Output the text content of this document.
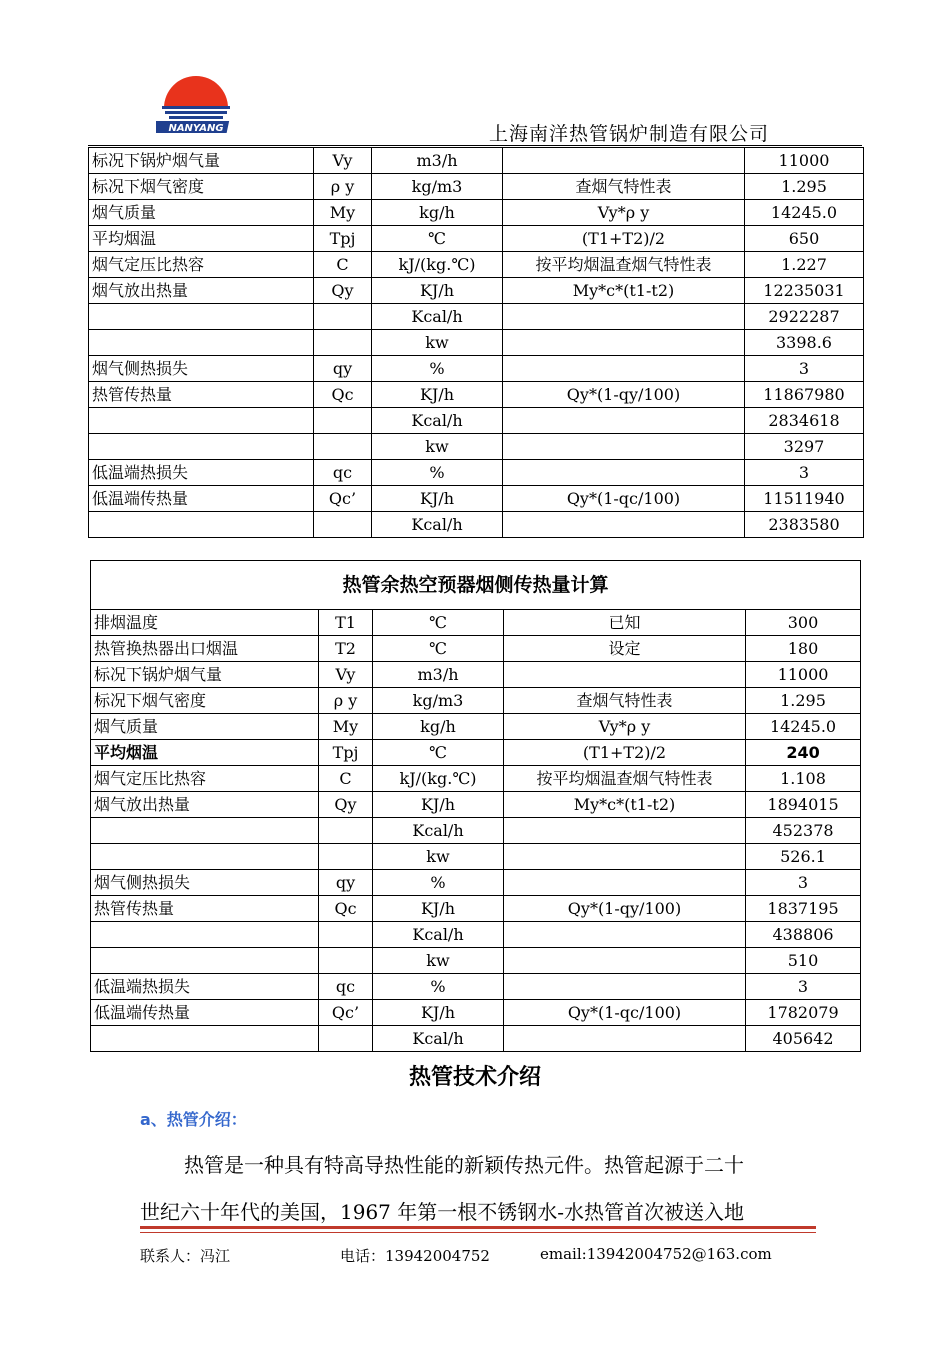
NANYANG	上海南洋热管锅炉制造有限公司
标况下锅炉烟气量	Vy	m3/h		11000
标况下烟气密度	ρ y	kg/m3	查烟气特性表	1.295
烟气质量	My	kg/h	Vy*ρ y	14245.0
平均烟温	Tpj	℃	(T1+T2)/2	650
烟气定压比热容	C	kJ/(kg.℃)	按平均烟温查烟气特性表	1.227
烟气放出热量	Qy	KJ/h	My*c*(t1-t2)	12235031
		Kcal/h		2922287
		kw		3398.6
烟气侧热损失	qy	%		3
热管传热量	Qc	KJ/h	Qy*(1-qy/100)	11867980
		Kcal/h		2834618
		kw		3297
低温端热损失	qc	%		3
低温端传热量	Qc’	KJ/h	Qy*(1-qc/100)	11511940
		Kcal/h		2383580
热管余热空预器烟侧传热量计算				
排烟温度	T1	℃	已知	300
热管换热器出口烟温	T2	℃	设定	180
标况下锅炉烟气量	Vy	m3/h		11000
标况下烟气密度	ρ y	kg/m3	查烟气特性表	1.295
烟气质量	My	kg/h	Vy*ρ y	14245.0
平均烟温	Tpj	℃	(T1+T2)/2	240
烟气定压比热容	C	kJ/(kg.℃)	按平均烟温查烟气特性表	1.108
烟气放出热量	Qy	KJ/h	My*c*(t1-t2)	1894015
		Kcal/h		452378
		kw		526.1
烟气侧热损失	qy	%		3
热管传热量	Qc	KJ/h	Qy*(1-qy/100)	1837195
		Kcal/h		438806
		kw		510
低温端热损失	qc	%		3
低温端传热量	Qc’	KJ/h	Qy*(1-qc/100)	1782079
		Kcal/h		405642
热管技术介绍
a、热管介绍：
热管是一种具有特高导热性能的新颖传热元件。热管起源于二十
世纪六十年代的美国，1967 年第一根不锈钢水-水热管首次被送入地
联系人：冯江	电话：13942004752	email:13942004752@163.com
